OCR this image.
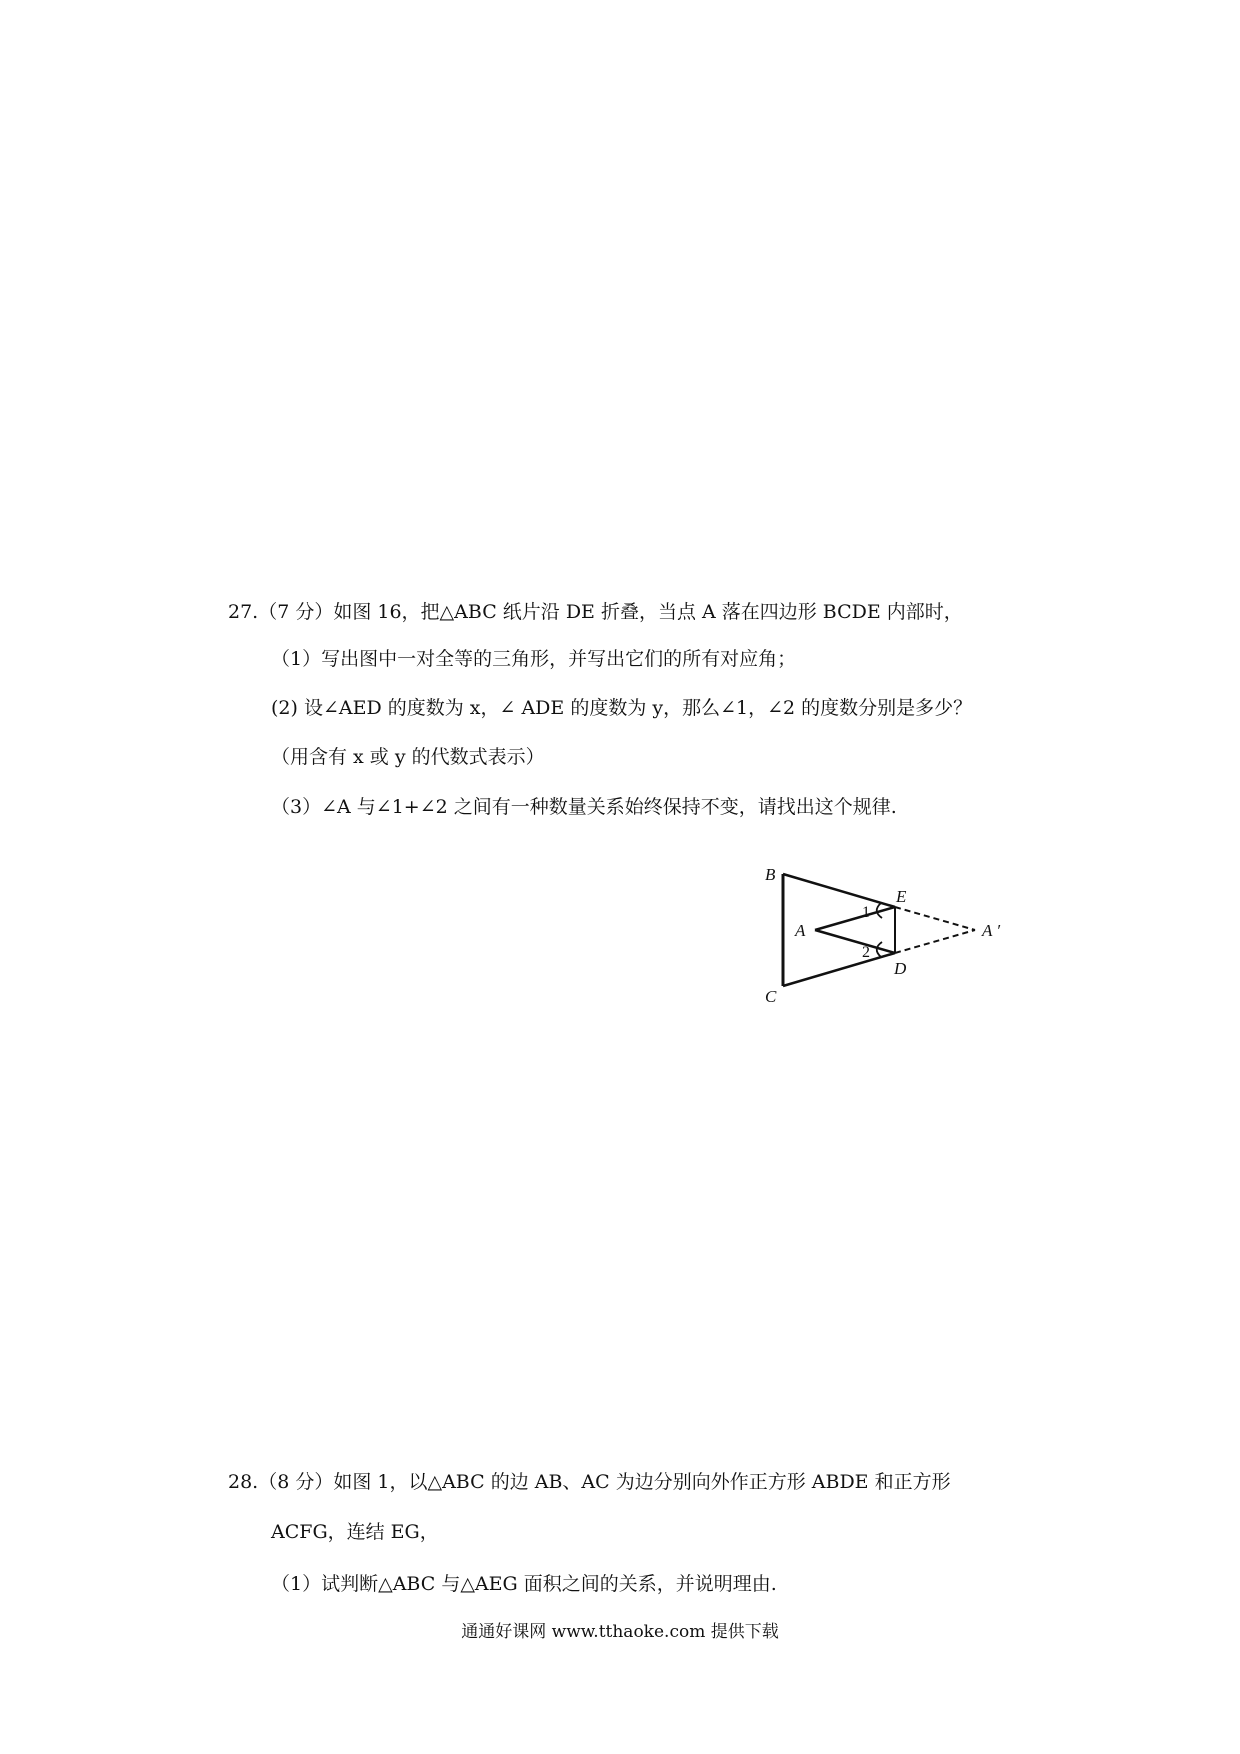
27.（7 分）如图 16，把△ABC 纸片沿 DE 折叠，当点 A 落在四边形 BCDE 内部时，
（1）写出图中一对全等的三角形，并写出它们的所有对应角；
(2) 设∠AED 的度数为 x，∠ ADE 的度数为 y，那么∠1，∠2 的度数分别是多少？
（用含有 x 或 y 的代数式表示）
（3）∠A 与∠1+∠2 之间有一种数量关系始终保持不变，请找出这个规律.
B
C
E
D
A	A ′
1
2
28.（8 分）如图 1，以△ABC 的边 AB、AC 为边分别向外作正方形 ABDE 和正方形
ACFG，连结 EG，
（1）试判断△ABC 与△AEG 面积之间的关系，并说明理由.
通通好课网 www.tthaoke.com 提供下载
